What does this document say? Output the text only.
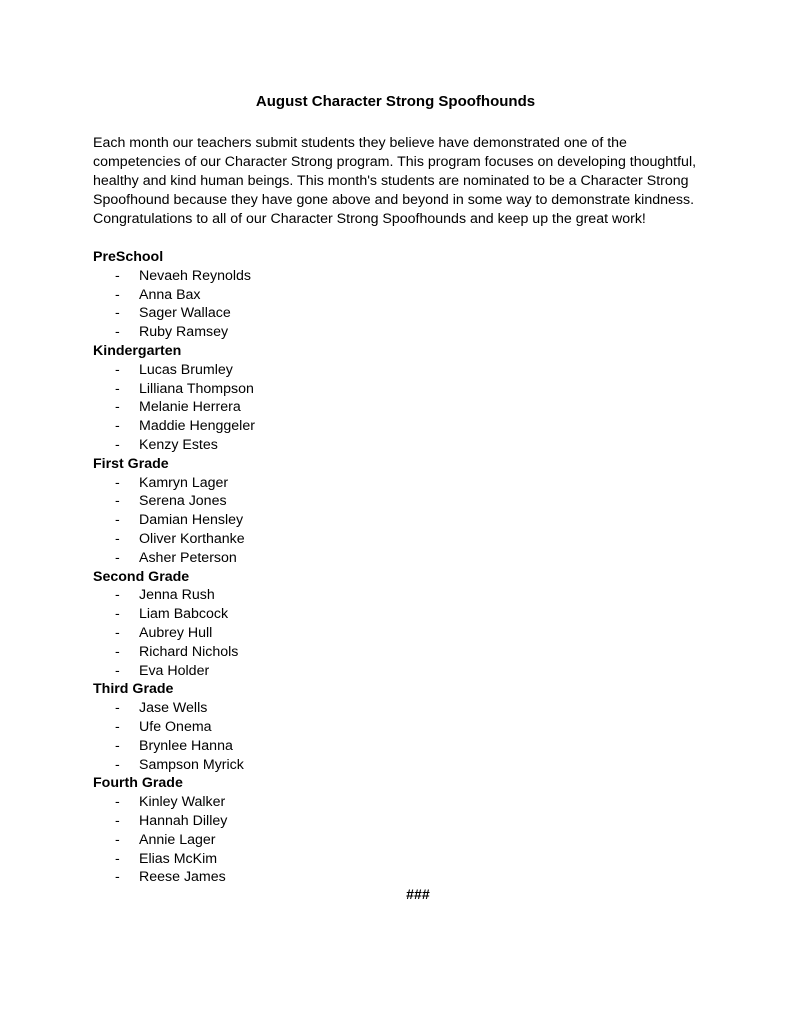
August Character Strong Spoofhounds
Each month our teachers submit students they believe have demonstrated one of the
competencies of our Character Strong program. This program focuses on developing thoughtful,
healthy and kind human beings. This month's students are nominated to be a Character Strong
Spoofhound because they have gone above and beyond in some way to demonstrate kindness.
Congratulations to all of our Character Strong Spoofhounds and keep up the great work!
PreSchool
- Nevaeh Reynolds
- Anna Bax
- Sager Wallace
- Ruby Ramsey
Kindergarten
- Lucas Brumley
- Lilliana Thompson
- Melanie Herrera
- Maddie Henggeler
- Kenzy Estes
First Grade
- Kamryn Lager
- Serena Jones
- Damian Hensley
- Oliver Korthanke
- Asher Peterson
Second Grade
- Jenna Rush
- Liam Babcock
- Aubrey Hull
- Richard Nichols
- Eva Holder
Third Grade
- Jase Wells
- Ufe Onema
- Brynlee Hanna
- Sampson Myrick
Fourth Grade
- Kinley Walker
- Hannah Dilley
- Annie Lager
- Elias McKim
- Reese James
###
